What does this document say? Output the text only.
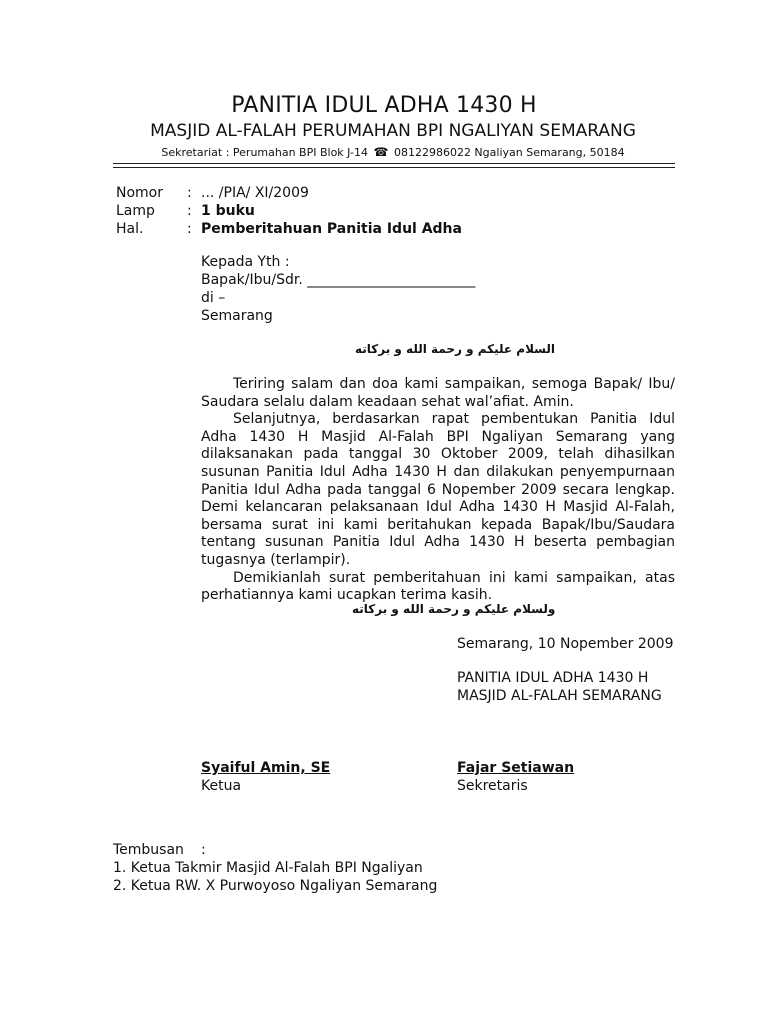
PANITIA IDUL ADHA 1430 H
MASJID AL-FALAH PERUMAHAN BPI NGALIYAN SEMARANG
Sekretariat : Perumahan BPI Blok J-14 ☎ 08122986022 Ngaliyan Semarang, 50184
Nomor : ... /PIA/ XI/2009
Lamp : 1 buku
Hal.	: Pemberitahuan Panitia Idul Adha
Kepada Yth :
Bapak/Ibu/Sdr. ________________________
di –
Semarang
السلام عليكم و رحمة الله و بركاته

Teriring salam dan doa kami sampaikan, semoga Bapak/ Ibu/ Saudara selalu dalam keadaan sehat wal’afiat. Amin.

Selanjutnya, berdasarkan rapat pembentukan Panitia Idul Adha 1430 H Masjid Al-Falah BPI Ngaliyan Semarang yang dilaksanakan pada tanggal 30 Oktober 2009, telah dihasilkan susunan Panitia Idul Adha 1430 H dan dilakukan penyempurnaan Panitia Idul Adha pada tanggal 6 Nopember 2009 secara lengkap. Demi kelancaran pelaksanaan Idul Adha 1430 H Masjid Al-Falah, bersama surat ini kami beritahukan kepada Bapak/Ibu/Saudara tentang susunan Panitia Idul Adha 1430 H beserta pembagian tugasnya (terlampir).

Demikianlah surat pemberitahuan ini kami sampaikan, atas perhatiannya kami ucapkan terima kasih.

ولسلام عليكم و رحمة الله و بركاته
Semarang, 10 Nopember 2009
PANITIA IDUL ADHA 1430 H
MASJID AL-FALAH SEMARANG
Syaiful Amin, SE
Ketua
Fajar Setiawan
Sekretaris
Tembusan :
1. Ketua Takmir Masjid Al-Falah BPI Ngaliyan
2. Ketua RW. X Purwoyoso Ngaliyan Semarang
